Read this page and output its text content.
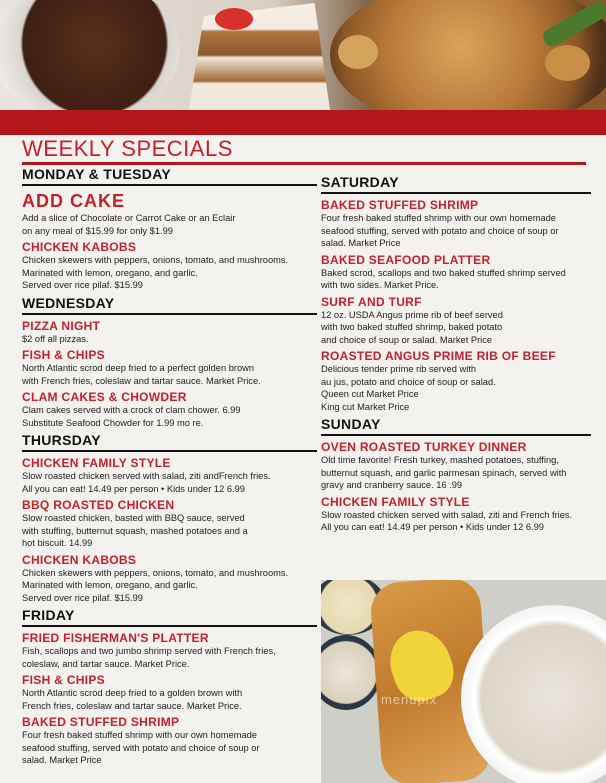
WEEKLY SPECIALS
MONDAY & TUESDAY
ADD CAKE
Add a slice of Chocolate or Carrot Cake or an Eclair
on any meal of $15.99 for only $1.99
CHICKEN KABOBS
Chicken skewers with peppers, onions, tomato, and mushrooms.
Marinated with lemon, oregano, and garlic.
Served over rice pilaf. $15.99
WEDNESDAY
PIZZA NIGHT
$2 off all pizzas.
FISH & CHIPS
North Atlantic scrod deep fried to a perfect golden brown
with French fries, coleslaw and tartar sauce. Market Price.
CLAM CAKES & CHOWDER
Clam cakes served with a crock of clam chower. 6.99
Substitute Seafood Chowder for 1.99 mo re.
THURSDAY
CHICKEN FAMILY STYLE
Slow roasted chicken served with salad, ziti andFrench fries.
All you can eat! 14.49 per person • Kids under 12 6.99
BBQ ROASTED CHICKEN
Slow roasted chicken, basted with BBQ sauce, served
with stuffing, butternut squash, mashed potatoes and a
hot biscuit. 14.99
CHICKEN KABOBS
Chicken skewers with peppers, onions, tomato, and mushrooms.
Marinated with lemon, oregano, and garlic.
Served over rice pilaf. $15.99
FRIDAY
FRIED FISHERMAN'S PLATTER
Fish, scallops and two jumbo shrimp served with French fries,
coleslaw, and tartar sauce. Market Price.
FISH & CHIPS
North Atlantic scrod deep fried to a golden brown with
French fries, coleslaw and tartar sauce. Market Price.
BAKED STUFFED SHRIMP
Four fresh baked stuffed shrimp with our own homemade
seafood stuffing, served with potato and choice of soup or
salad. Market Price
SATURDAY
BAKED STUFFED SHRIMP
Four fresh baked stuffed shrimp with our own homemade
seafood stuffing, served with potato and choice of soup or
salad. Market Price
BAKED SEAFOOD PLATTER
Baked scrod, scallops and two baked stuffed shrimp served
with two sides. Market Price.
SURF AND TURF
12 oz. USDA Angus prime rib of beef served
with two baked stuffed shrimp, baked potato
and choice of soup or salad. Market Price
ROASTED ANGUS PRIME RIB OF BEEF
Delicious tender prime rib served with
au jus, potato and choice of soup or salad.
Queen cut Market Price
King cut Market Price
SUNDAY
OVEN ROASTED TURKEY DINNER
Old time favorite! Fresh turkey, mashed potatoes, stuffing,
butternut squash, and garlic parmesan spinach, served with
gravy and cranberry sauce. 16 .99
CHICKEN FAMILY STYLE
Slow roasted chicken served with salad, ziti and French fries.
All you can eat! 14.49 per person • Kids under 12 6.99
menupix
